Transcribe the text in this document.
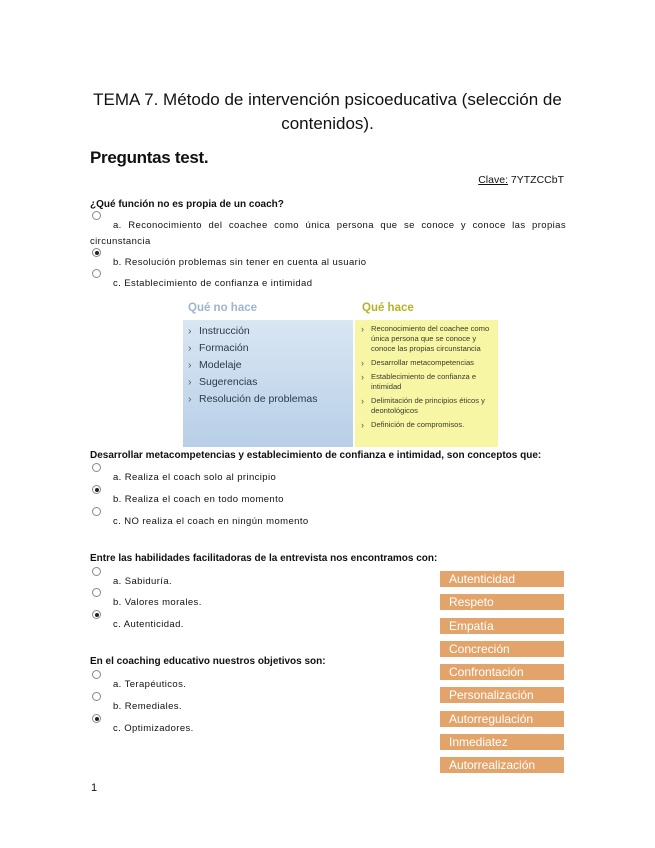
TEMA 7. Método de intervención psicoeducativa (selección de contenidos).
Preguntas test.
Clave: 7YTZCCbT
¿Qué función no es propia de un coach?
a. Reconocimiento del coachee como única persona que se conoce y conoce las propias circunstancia
b. Resolución problemas sin tener en cuenta al usuario
c. Establecimiento de confianza e intimidad
Qué no hace	Qué hace
› Instrucción
› Formación
› Modelaje
› Sugerencias
› Resolución de problemas
› Reconocimiento del coachee como única persona que se conoce y conoce las propias circunstancia
› Desarrollar metacompetencias
› Establecimiento de confianza e intimidad
› Delimitación de principios éticos y deontológicos
› Definición de compromisos.
Desarrollar metacompetencias y establecimiento de confianza e intimidad, son conceptos que:
a. Realiza el coach solo al principio
b. Realiza el coach en todo momento
c. NO realiza el coach en ningún momento
Entre las habilidades facilitadoras de la entrevista nos encontramos con:
a. Sabiduría.
b. Valores morales.
c. Autenticidad.
En el coaching educativo nuestros objetivos son:
a. Terapéuticos.
b. Remediales.
c. Optimizadores.
Autenticidad
Respeto
Empatía
Concreción
Confrontación
Personalización
Autorregulación
Inmediatez
Autorrealización
1
